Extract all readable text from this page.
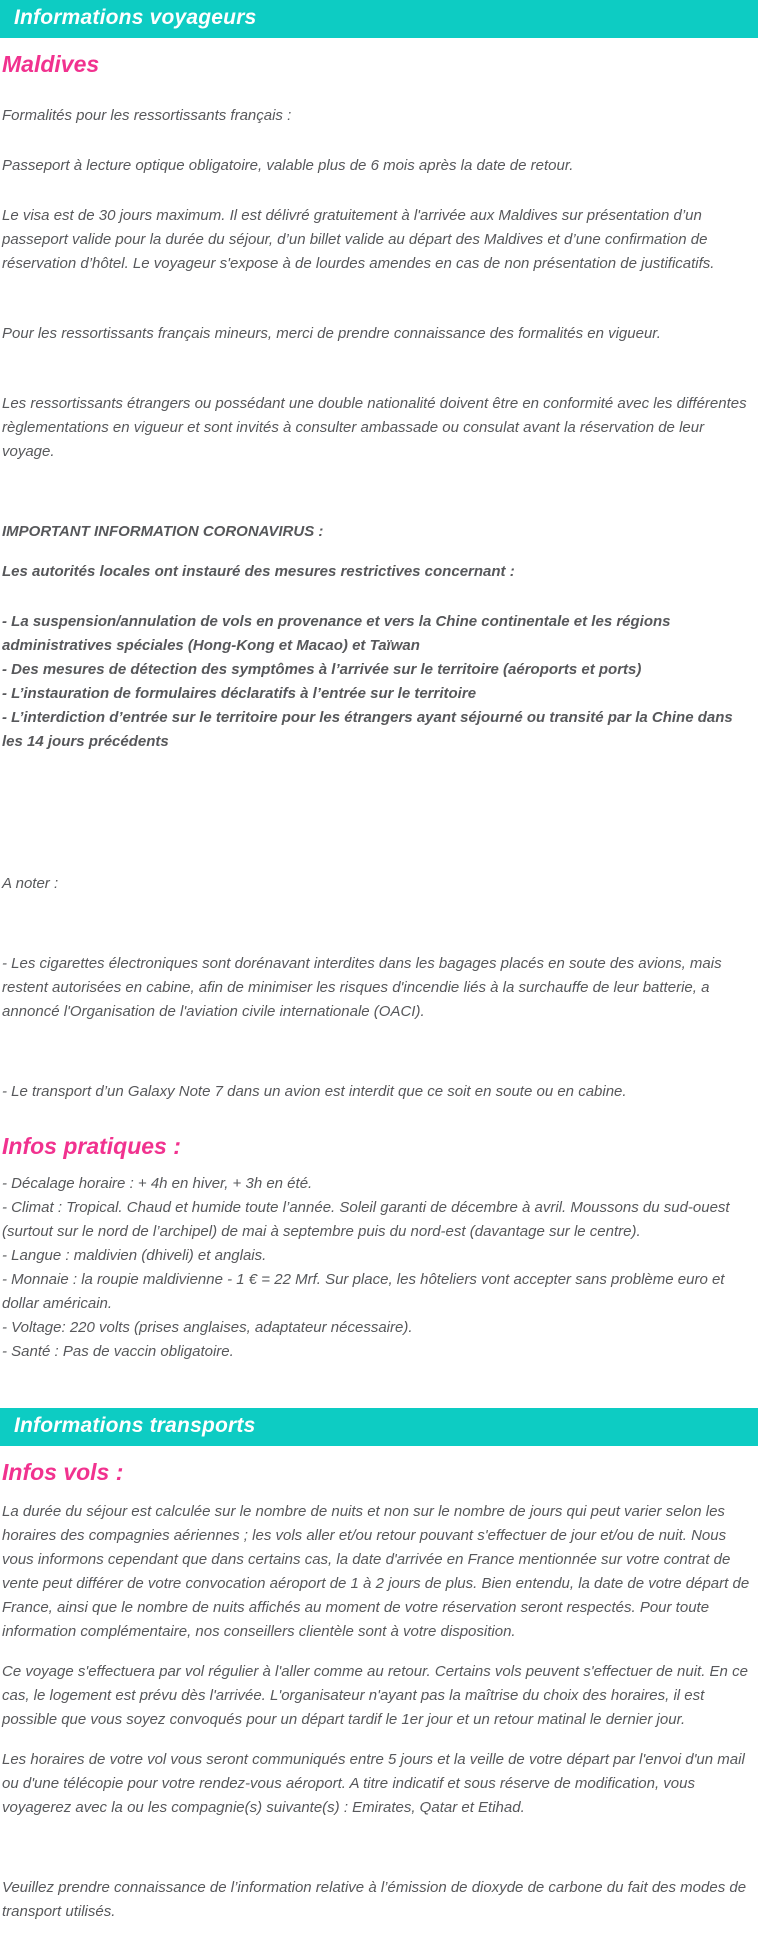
Informations voyageurs
Maldives

Formalités pour les ressortissants français :

Passeport à lecture optique obligatoire, valable plus de 6 mois après la date de retour.

Le visa est de 30 jours maximum. Il est délivré gratuitement à l'arrivée aux Maldives sur présentation d’un passeport valide pour la durée du séjour, d’un billet valide au départ des Maldives et d’une confirmation de réservation d’hôtel. Le voyageur s'expose à de lourdes amendes en cas de non présentation de justificatifs.

Pour les ressortissants français mineurs, merci de prendre connaissance des formalités en vigueur.

Les ressortissants étrangers ou possédant une double nationalité doivent être en conformité avec les différentes règlementations en vigueur et sont invités à consulter ambassade ou consulat avant la réservation de leur voyage.

IMPORTANT INFORMATION CORONAVIRUS :

Les autorités locales ont instauré des mesures restrictives concernant :

- La suspension/annulation de vols en provenance et vers la Chine continentale et les régions administratives spéciales (Hong-Kong et Macao) et Taïwan

- Des mesures de détection des symptômes à l’arrivée sur le territoire (aéroports et ports)

- L’instauration de formulaires déclaratifs à l’entrée sur le territoire

- L’interdiction d’entrée sur le territoire pour les étrangers ayant séjourné ou transité par la Chine dans les 14 jours précédents

A noter :

- Les cigarettes électroniques sont dorénavant interdites dans les bagages placés en soute des avions, mais restent autorisées en cabine, afin de minimiser les risques d'incendie liés à la surchauffe de leur batterie, a annoncé l'Organisation de l'aviation civile internationale (OACI).

- Le transport d’un Galaxy Note 7 dans un avion est interdit que ce soit en soute ou en cabine.

Infos pratiques :

- Décalage horaire : + 4h en hiver, + 3h en été.

- Climat : Tropical. Chaud et humide toute l’année. Soleil garanti de décembre à avril. Moussons du sud-ouest (surtout sur le nord de l’archipel) de mai à septembre puis du nord-est (davantage sur le centre).

- Langue : maldivien (dhiveli) et anglais.

- Monnaie : la roupie maldivienne - 1 € = 22 Mrf. Sur place, les hôteliers vont accepter sans problème euro et dollar américain.

- Voltage: 220 volts (prises anglaises, adaptateur nécessaire).

- Santé : Pas de vaccin obligatoire.

Informations transports
Infos vols :

La durée du séjour est calculée sur le nombre de nuits et non sur le nombre de jours qui peut varier selon les horaires des compagnies aériennes ; les vols aller et/ou retour pouvant s'effectuer de jour et/ou de nuit. Nous vous informons cependant que dans certains cas, la date d'arrivée en France mentionnée sur votre contrat de vente peut différer de votre convocation aéroport de 1 à 2 jours de plus. Bien entendu, la date de votre départ de France, ainsi que le nombre de nuits affichés au moment de votre réservation seront respectés. Pour toute information complémentaire, nos conseillers clientèle sont à votre disposition.

Ce voyage s'effectuera par vol régulier à l'aller comme au retour. Certains vols peuvent s'effectuer de nuit. En ce cas, le logement est prévu dès l'arrivée. L'organisateur n'ayant pas la maîtrise du choix des horaires, il est possible que vous soyez convoqués pour un départ tardif le 1er jour et un retour matinal le dernier jour.

Les horaires de votre vol vous seront communiqués entre 5 jours et la veille de votre départ par l'envoi d'un mail ou d'une télécopie pour votre rendez-vous aéroport. A titre indicatif et sous réserve de modification, vous voyagerez avec la ou les compagnie(s) suivante(s) : Emirates, Qatar et Etihad.

Veuillez prendre connaissance de l’information relative à l’émission de dioxyde de carbone du fait des modes de transport utilisés.
